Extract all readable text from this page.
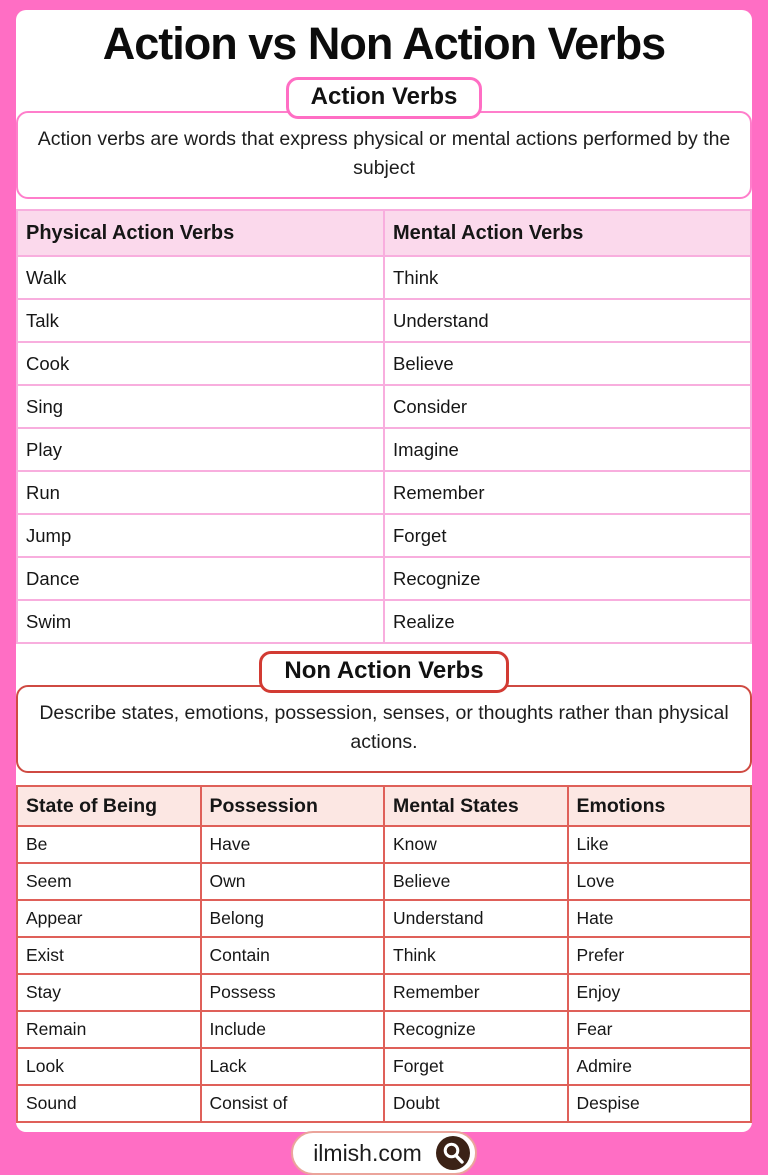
Action vs Non Action Verbs
Action Verbs
Action verbs are words that express physical or mental actions performed by the subject
Physical Action Verbs	Mental Action Verbs
Walk	Think
Talk	Understand
Cook	Believe
Sing	Consider
Play	Imagine
Run	Remember
Jump	Forget
Dance	Recognize
Swim	Realize
Non Action Verbs
Describe states, emotions, possession, senses, or thoughts rather than physical actions.
State of Being	Possession	Mental States	Emotions
Be	Have	Know	Like
Seem	Own	Believe	Love
Appear	Belong	Understand	Hate
Exist	Contain	Think	Prefer
Stay	Possess	Remember	Enjoy
Remain	Include	Recognize	Fear
Look	Lack	Forget	Admire
Sound	Consist of	Doubt	Despise
ilmish.com
